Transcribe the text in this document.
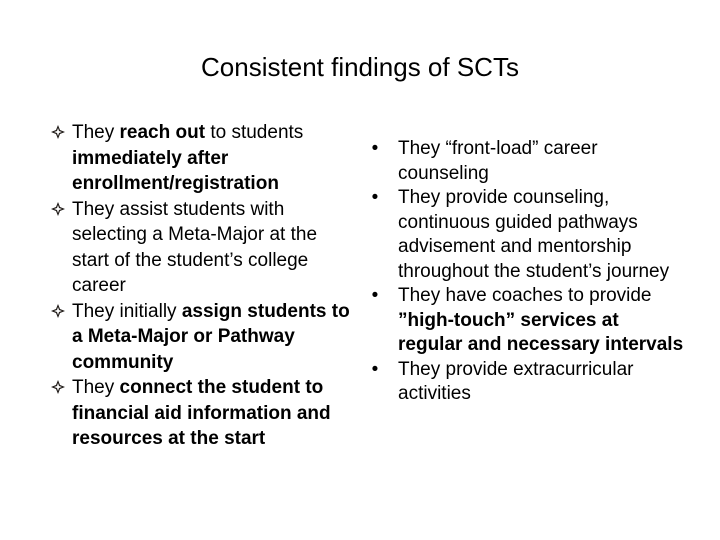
Consistent findings of SCTs
They reach out to students immediately after enrollment/registration
They assist students with selecting a Meta-Major at the start of the student’s college career
They initially assign students to a Meta-Major or Pathway community
They connect the student to financial aid information and resources at the start
• They “front-load” career counseling
• They provide counseling, continuous guided pathways advisement and mentorship throughout the student’s journey
• They have coaches to provide ”high-touch” services at regular and necessary intervals
• They provide extracurricular activities
